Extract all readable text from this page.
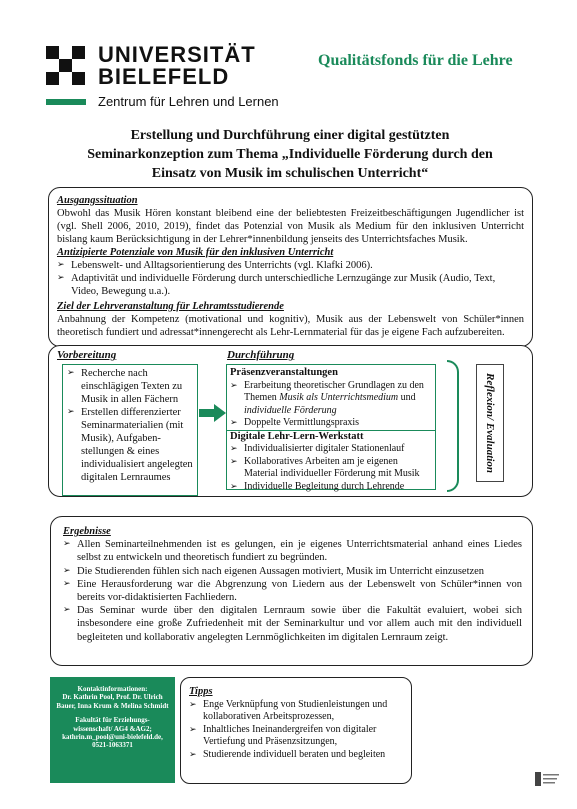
UNIVERSITÄT
BIELEFELD
Zentrum für Lehren und Lernen
Qualitätsfonds für die Lehre
Erstellung und Durchführung einer digital gestützten
Seminarkonzeption zum Thema „Individuelle Förderung durch den
Einsatz von Musik im schulischen Unterricht“
Ausgangssituation
Obwohl das Musik Hören konstant bleibend eine der beliebtesten Freizeitbeschäftigungen Jugendlicher ist (vgl. Shell 2006, 2010, 2019), findet das Potenzial von Musik als Medium für den inklusiven Unterricht bislang kaum Berücksichtigung in der Lehrer*innenbildung jenseits des Unterrichtsfaches Musik.
Antizipierte Potenziale von Musik für den inklusiven Unterricht
➢ Lebenswelt- und Alltagsorientierung des Unterrichts (vgl. Klafki 2006).
➢ Adaptivität und individuelle Förderung durch unterschiedliche Lernzugänge zur Musik (Audio, Text, Video, Bewegung u.a.).
Ziel der Lehrveranstaltung für Lehramtsstudierende
Anbahnung der Kompetenz (motivational und kognitiv), Musik aus der Lebenswelt von Schüler*innen theoretisch fundiert und adressat*innengerecht als Lehr-Lernmaterial für das je eigene Fach aufzubereiten.
Vorbereitung	Durchführung
➢ Recherche nach einschlägigen Texten zu Musik in allen Fächern
➢ Erstellen differenzierter Seminarmaterialien (mit Musik), Aufgaben-stellungen & eines individualisiert angelegten digitalen Lernraumes
Präsenzveranstaltungen
➢ Erarbeitung theoretischer Grundlagen zu den Themen Musik als Unterrichtsmedium und individuelle Förderung
➢ Doppelte Vermittlungspraxis
Digitale Lehr-Lern-Werkstatt
➢ Individualisierter digitaler Stationenlauf
➢ Kollaboratives Arbeiten am je eigenen Material individueller Förderung mit Musik
➢ Individuelle Begleitung durch Lehrende
Reflexion/ Evaluation
Ergebnisse
➢ Allen Seminarteilnehmenden ist es gelungen, ein je eigenes Unterrichtsmaterial anhand eines Liedes selbst zu entwickeln und theoretisch fundiert zu begründen.
➢ Die Studierenden fühlen sich nach eigenen Aussagen motiviert, Musik im Unterricht einzusetzen
➢ Eine Herausforderung war die Abgrenzung von Liedern aus der Lebenswelt von Schüler*innen von bereits vor-didaktisierten Fachliedern.
➢ Das Seminar wurde über den digitalen Lernraum sowie über die Fakultät evaluiert, wobei sich insbesondere eine große Zufriedenheit mit der Seminarkultur und vor allem auch mit den individuell begleiteten und kollaborativ angelegten Lernmöglichkeiten im digitalen Lernraum zeigt.
Kontaktinformationen:
Dr. Kathrin Pool, Prof. Dr. Ulrich Bauer, Inna Krum & Melina Schmidt
Fakultät für Erziehungs-wissenschaft/ AG4 &AG2; kathrin.m_pool@uni-bielefeld.de, 0521-1063371
Tipps
➢ Enge Verknüpfung von Studienleistungen und kollaborativen Arbeitsprozessen,
➢ Inhaltliches Ineinandergreifen von digitaler Vertiefung und Präsenzsitzungen,
➢ Studierende individuell beraten und begleiten
